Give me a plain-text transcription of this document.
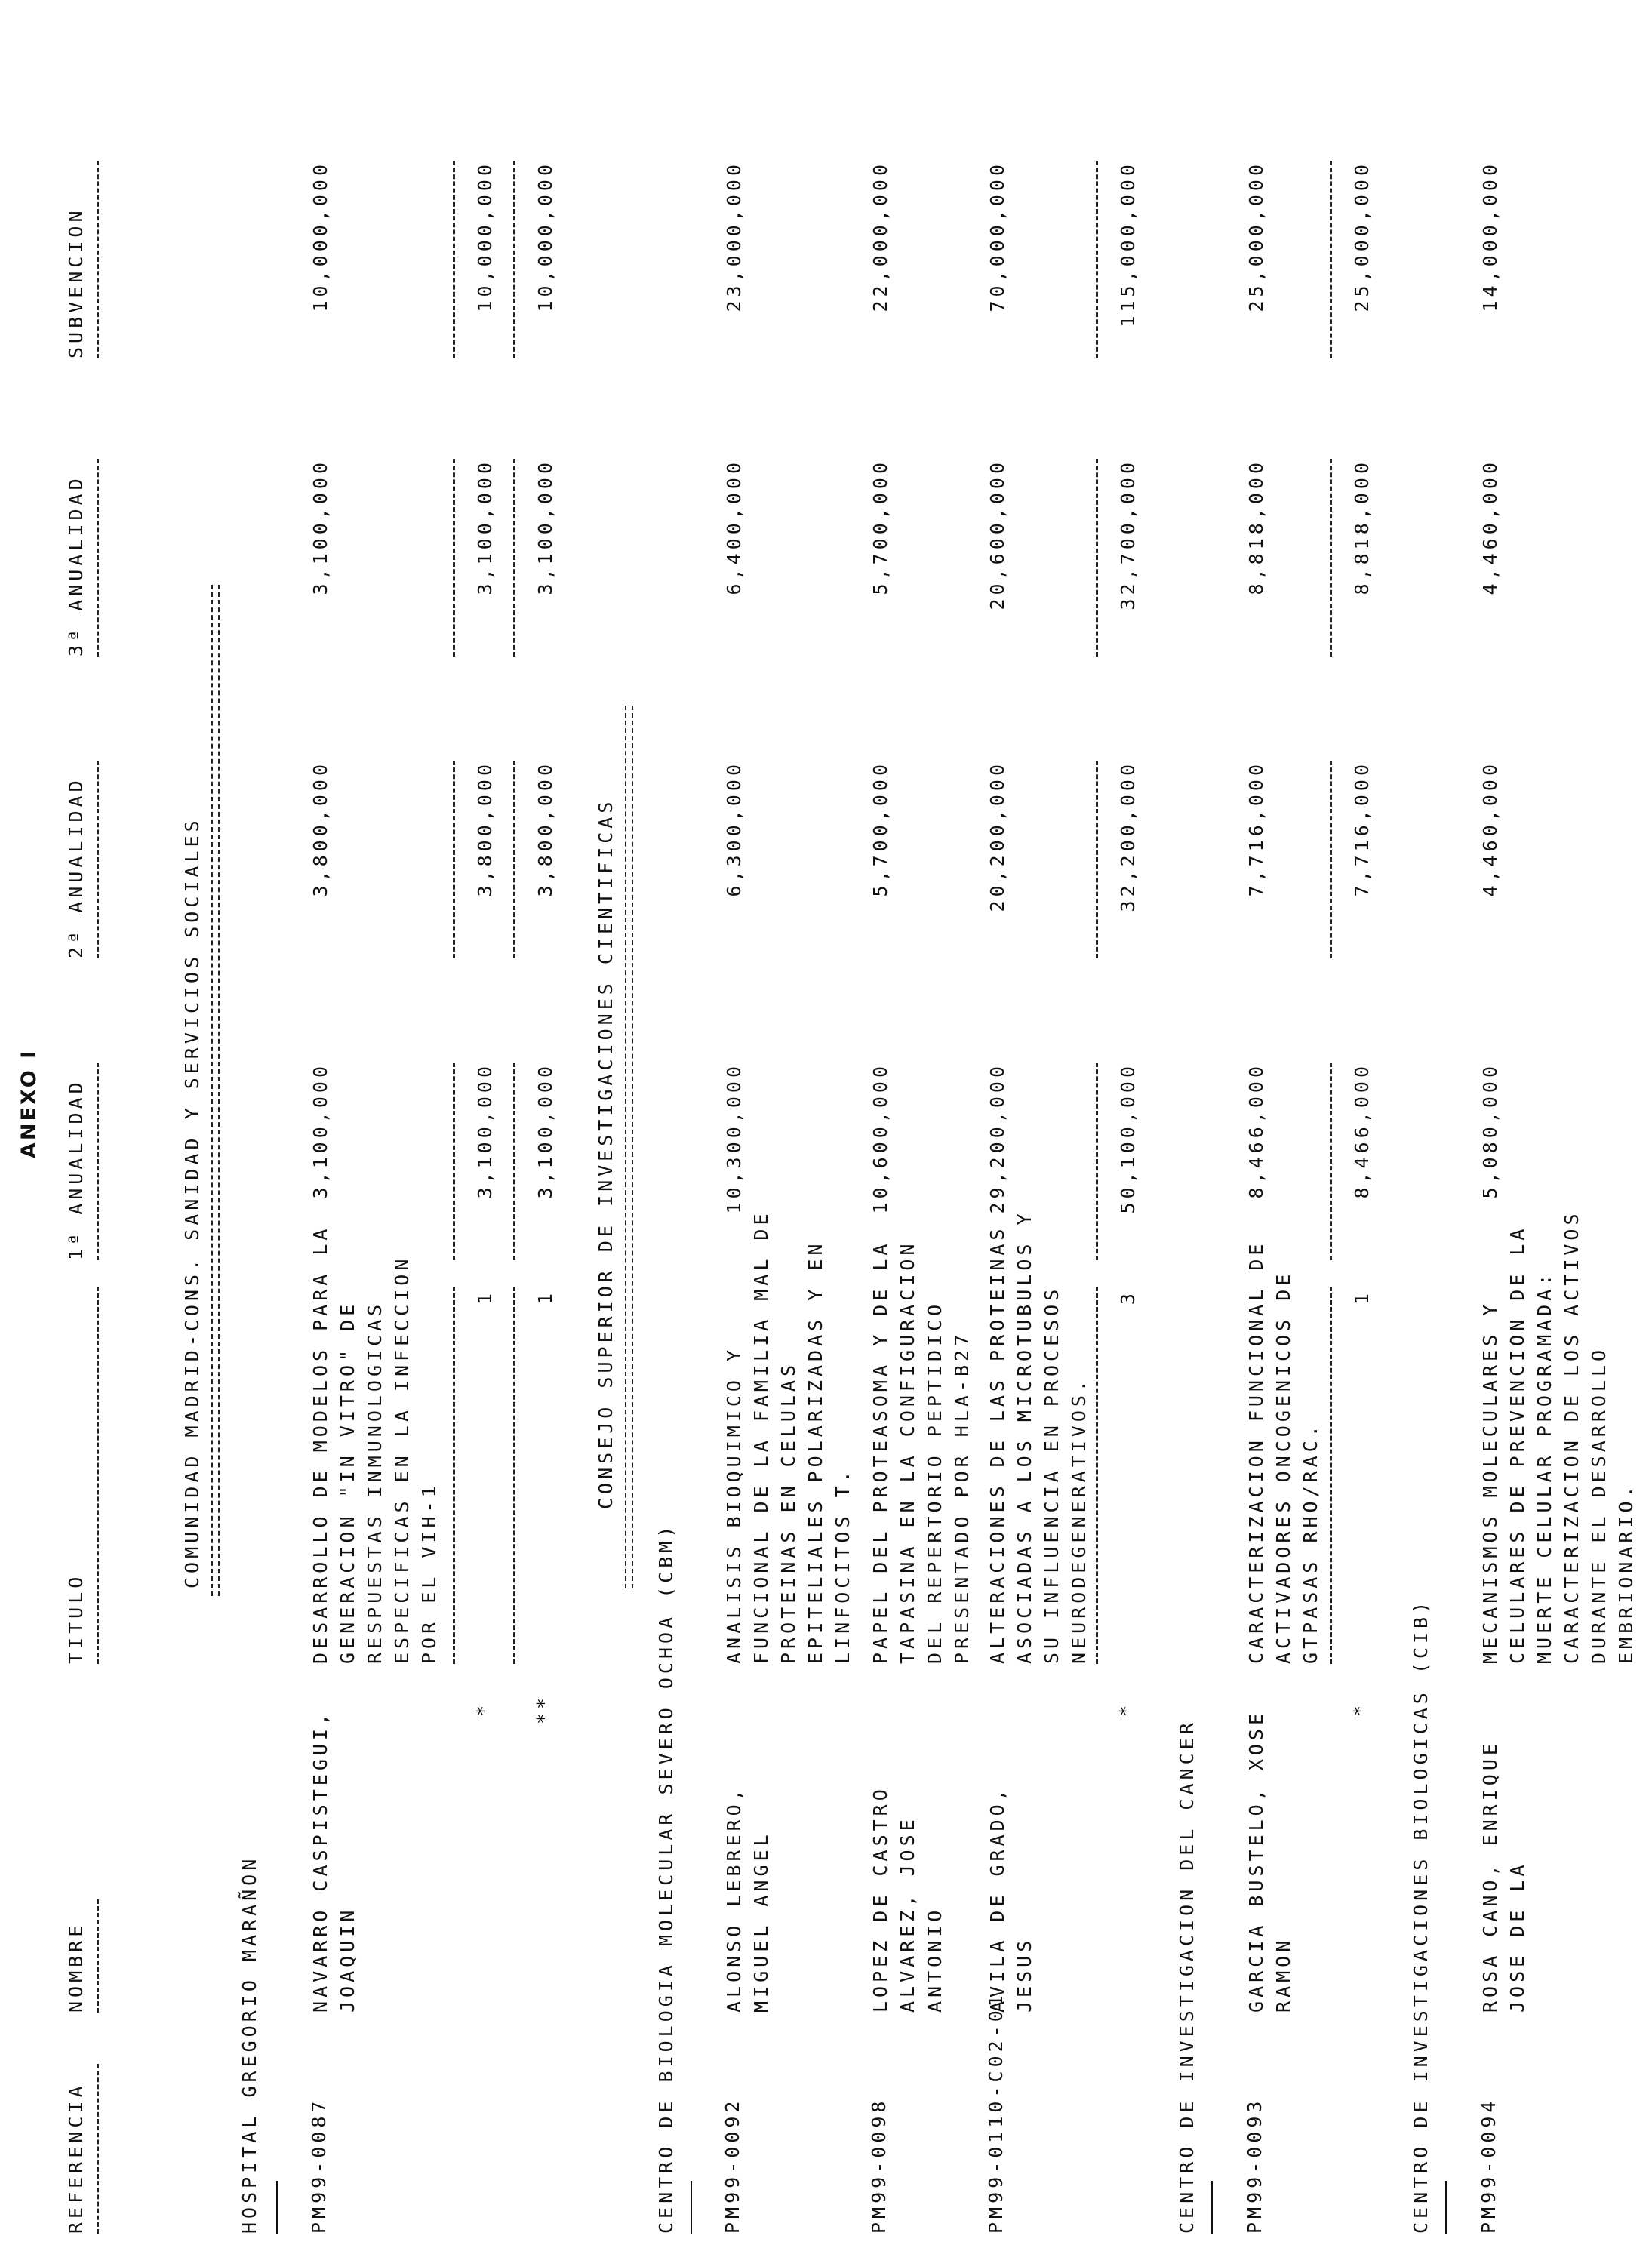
ANEXO I
REFERENCIA
NOMBRE
TITULO
1ª ANUALIDAD
2ª ANUALIDAD
3ª ANUALIDAD
SUBVENCION
COMUNIDAD MADRID-CONS. SANIDAD Y SERVICIOS SOCIALES
HOSPITAL GREGORIO MARAÑON	PM99-0087
NAVARRO CASPISTEGUI,
JOAQUIN
DESARROLLO DE MODELOS PARA LA
GENERACION "IN VITRO" DE
RESPUESTAS INMUNOLOGICAS
ESPECIFICAS EN LA INFECCION
POR EL VIH-1
3,100,000
3,800,000
3,100,000
10,000,000
*
1
3,100,000
3,800,000
3,100,000
10,000,000
**
1
3,100,000
3,800,000
3,100,000
10,000,000
CONSEJO SUPERIOR DE INVESTIGACIONES CIENTIFICAS
CENTRO DE BIOLOGIA MOLECULAR SEVERO OCHOA (CBM) PM99-0092
ALONSO LEBRERO,
MIGUEL ANGEL
ANALISIS BIOQUIMICO Y
FUNCIONAL DE LA FAMILIA MAL DE
PROTEINAS EN CELULAS
EPITELIALES POLARIZADAS Y EN
LINFOCITOS T.
10,300,000
6,300,000
6,400,000
23,000,000
PM99-0098
LOPEZ DE CASTRO
ALVAREZ, JOSE
ANTONIO
PAPEL DEL PROTEASOMA Y DE LA
TAPASINA EN LA CONFIGURACION
DEL REPERTORIO PEPTIDICO
PRESENTADO POR HLA-B27
10,600,000
5,700,000
5,700,000
22,000,000
PM99-0110-C02-01
AVILA DE GRADO,
JESUS
ALTERACIONES DE LAS PROTEINAS
ASOCIADAS A LOS MICROTUBULOS Y
SU INFLUENCIA EN PROCESOS
NEURODEGENERATIVOS.
29,200,000
20,200,000
20,600,000
70,000,000
*
3
50,100,000
32,200,000
32,700,000
115,000,000
CENTRO DE INVESTIGACION DEL CANCER PM99-0093
GARCIA BUSTELO, XOSE
RAMON
CARACTERIZACION FUNCIONAL DE
ACTIVADORES ONCOGENICOS DE
GTPASAS RHO/RAC.
8,466,000
7,716,000
8,818,000
25,000,000
*
1
8,466,000
7,716,000
8,818,000
25,000,000
CENTRO DE INVESTIGACIONES BIOLOGICAS (CIB) PM99-0094
ROSA CANO, ENRIQUE
JOSE DE LA
MECANISMOS MOLECULARES Y
CELULARES DE PREVENCION DE LA
MUERTE CELULAR PROGRAMADA:
CARACTERIZACION DE LOS ACTIVOS
DURANTE EL DESARROLLO
EMBRIONARIO.
5,080,000
4,460,000
4,460,000
14,000,000
